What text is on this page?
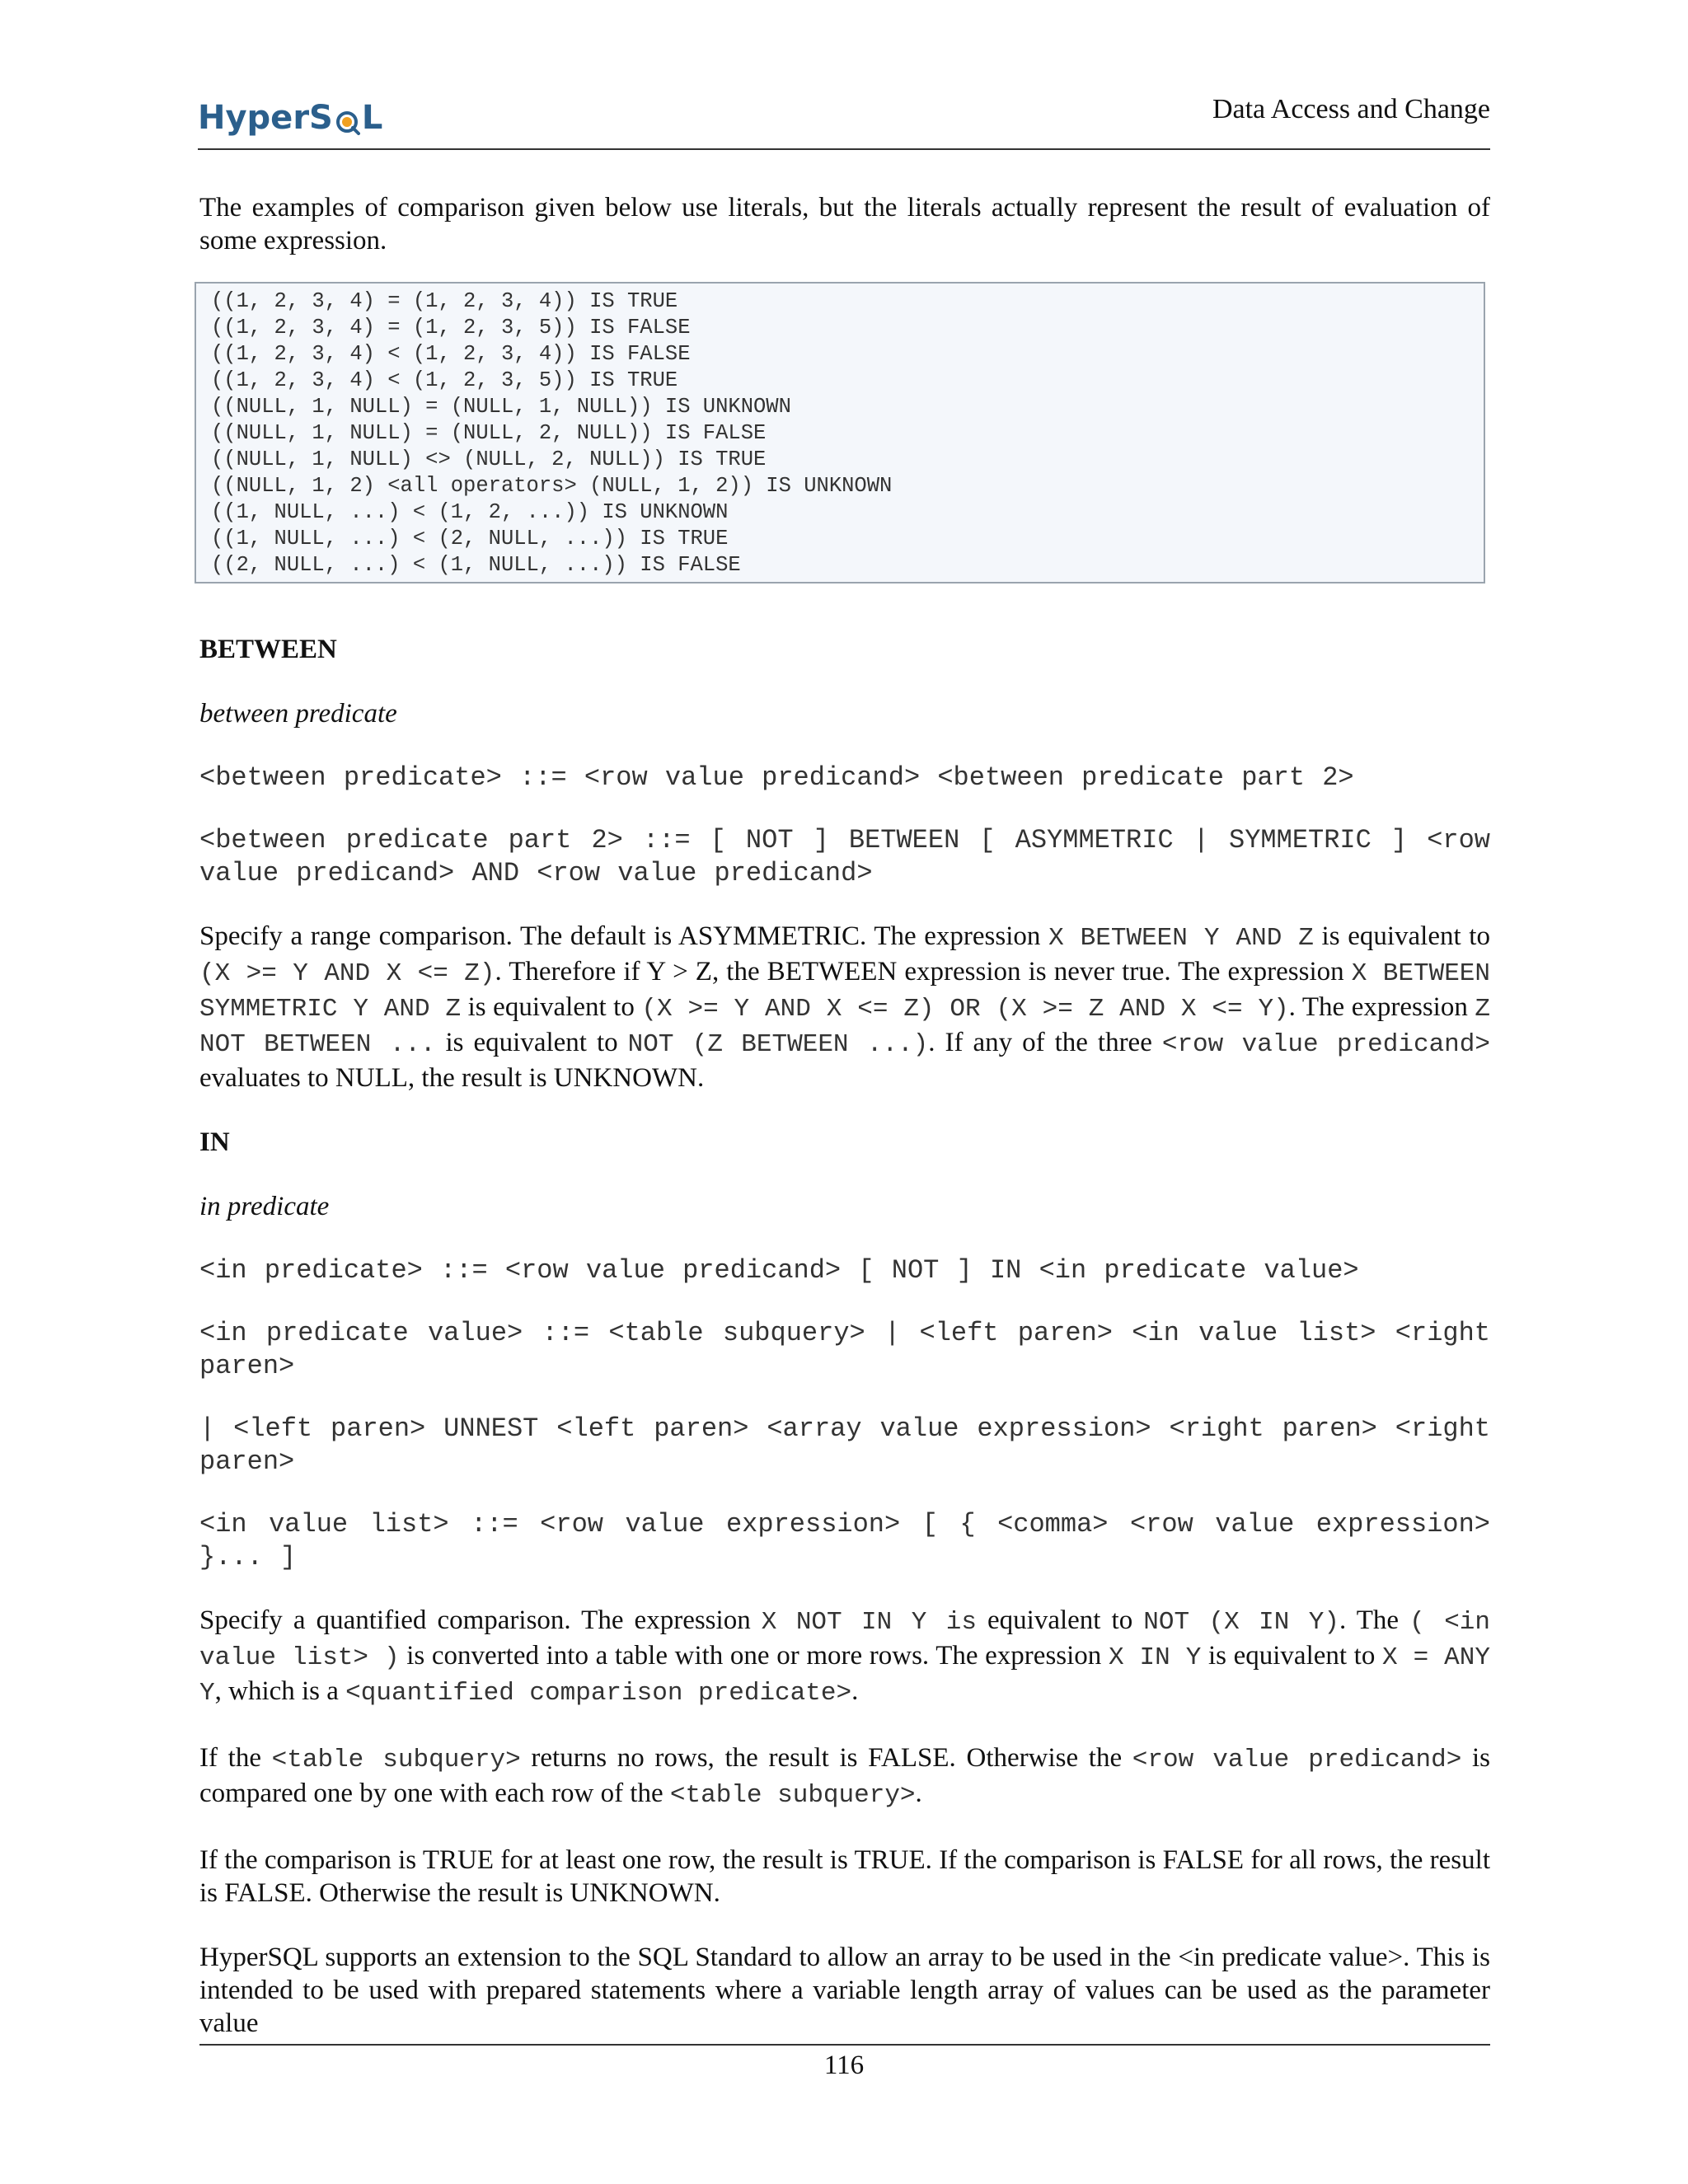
HyperS L	Data Access and Change

The examples of comparison given below use literals, but the literals actually represent the result of evaluation of some expression.

((1, 2, 3, 4) = (1, 2, 3, 4)) IS TRUE
((1, 2, 3, 4) = (1, 2, 3, 5)) IS FALSE
((1, 2, 3, 4) < (1, 2, 3, 4)) IS FALSE
((1, 2, 3, 4) < (1, 2, 3, 5)) IS TRUE
((NULL, 1, NULL) = (NULL, 1, NULL)) IS UNKNOWN
((NULL, 1, NULL) = (NULL, 2, NULL)) IS FALSE
((NULL, 1, NULL) <> (NULL, 2, NULL)) IS TRUE
((NULL, 1, 2) <all operators> (NULL, 1, 2)) IS UNKNOWN
((1, NULL, ...) < (1, 2, ...)) IS UNKNOWN
((1, NULL, ...) < (2, NULL, ...)) IS TRUE
((2, NULL, ...) < (1, NULL, ...)) IS FALSE
BETWEEN
between predicate
<between predicate> ::= <row value predicand> <between predicate part 2>
<between predicate part 2> ::= [ NOT ] BETWEEN [ ASYMMETRIC | SYMMETRIC ] <row value predicand> AND <row value predicand>

Specify a range comparison. The default is ASYMMETRIC. The expression X BETWEEN Y AND Z is equivalent to (X >= Y AND X <= Z). Therefore if Y > Z, the BETWEEN expression is never true. The expression X BETWEEN SYMMETRIC Y AND Z is equivalent to (X >= Y AND X <= Z) OR (X >= Z AND X <= Y). The expression Z NOT BETWEEN ... is equivalent to NOT (Z BETWEEN ...). If any of the three <row value predicand> evaluates to NULL, the result is UNKNOWN.

IN
in predicate
<in predicate> ::= <row value predicand> [ NOT ] IN <in predicate value>
<in predicate value> ::= <table subquery> | <left paren> <in value list> <right paren>
| <left paren> UNNEST <left paren> <array value expression> <right paren> <right paren>
<in value list> ::= <row value expression> [ { <comma> <row value expression> }... ]

Specify a quantified comparison. The expression X NOT IN Y is equivalent to NOT (X IN Y). The ( <in value list> ) is converted into a table with one or more rows. The expression X IN Y is equivalent to X = ANY Y, which is a <quantified comparison predicate>.

If the <table subquery> returns no rows, the result is FALSE. Otherwise the <row value predicand> is compared one by one with each row of the <table subquery>.

If the comparison is TRUE for at least one row, the result is TRUE. If the comparison is FALSE for all rows, the result is FALSE. Otherwise the result is UNKNOWN.

HyperSQL supports an extension to the SQL Standard to allow an array to be used in the <in predicate value>. This is intended to be used with prepared statements where a variable length array of values can be used as the parameter value

116
